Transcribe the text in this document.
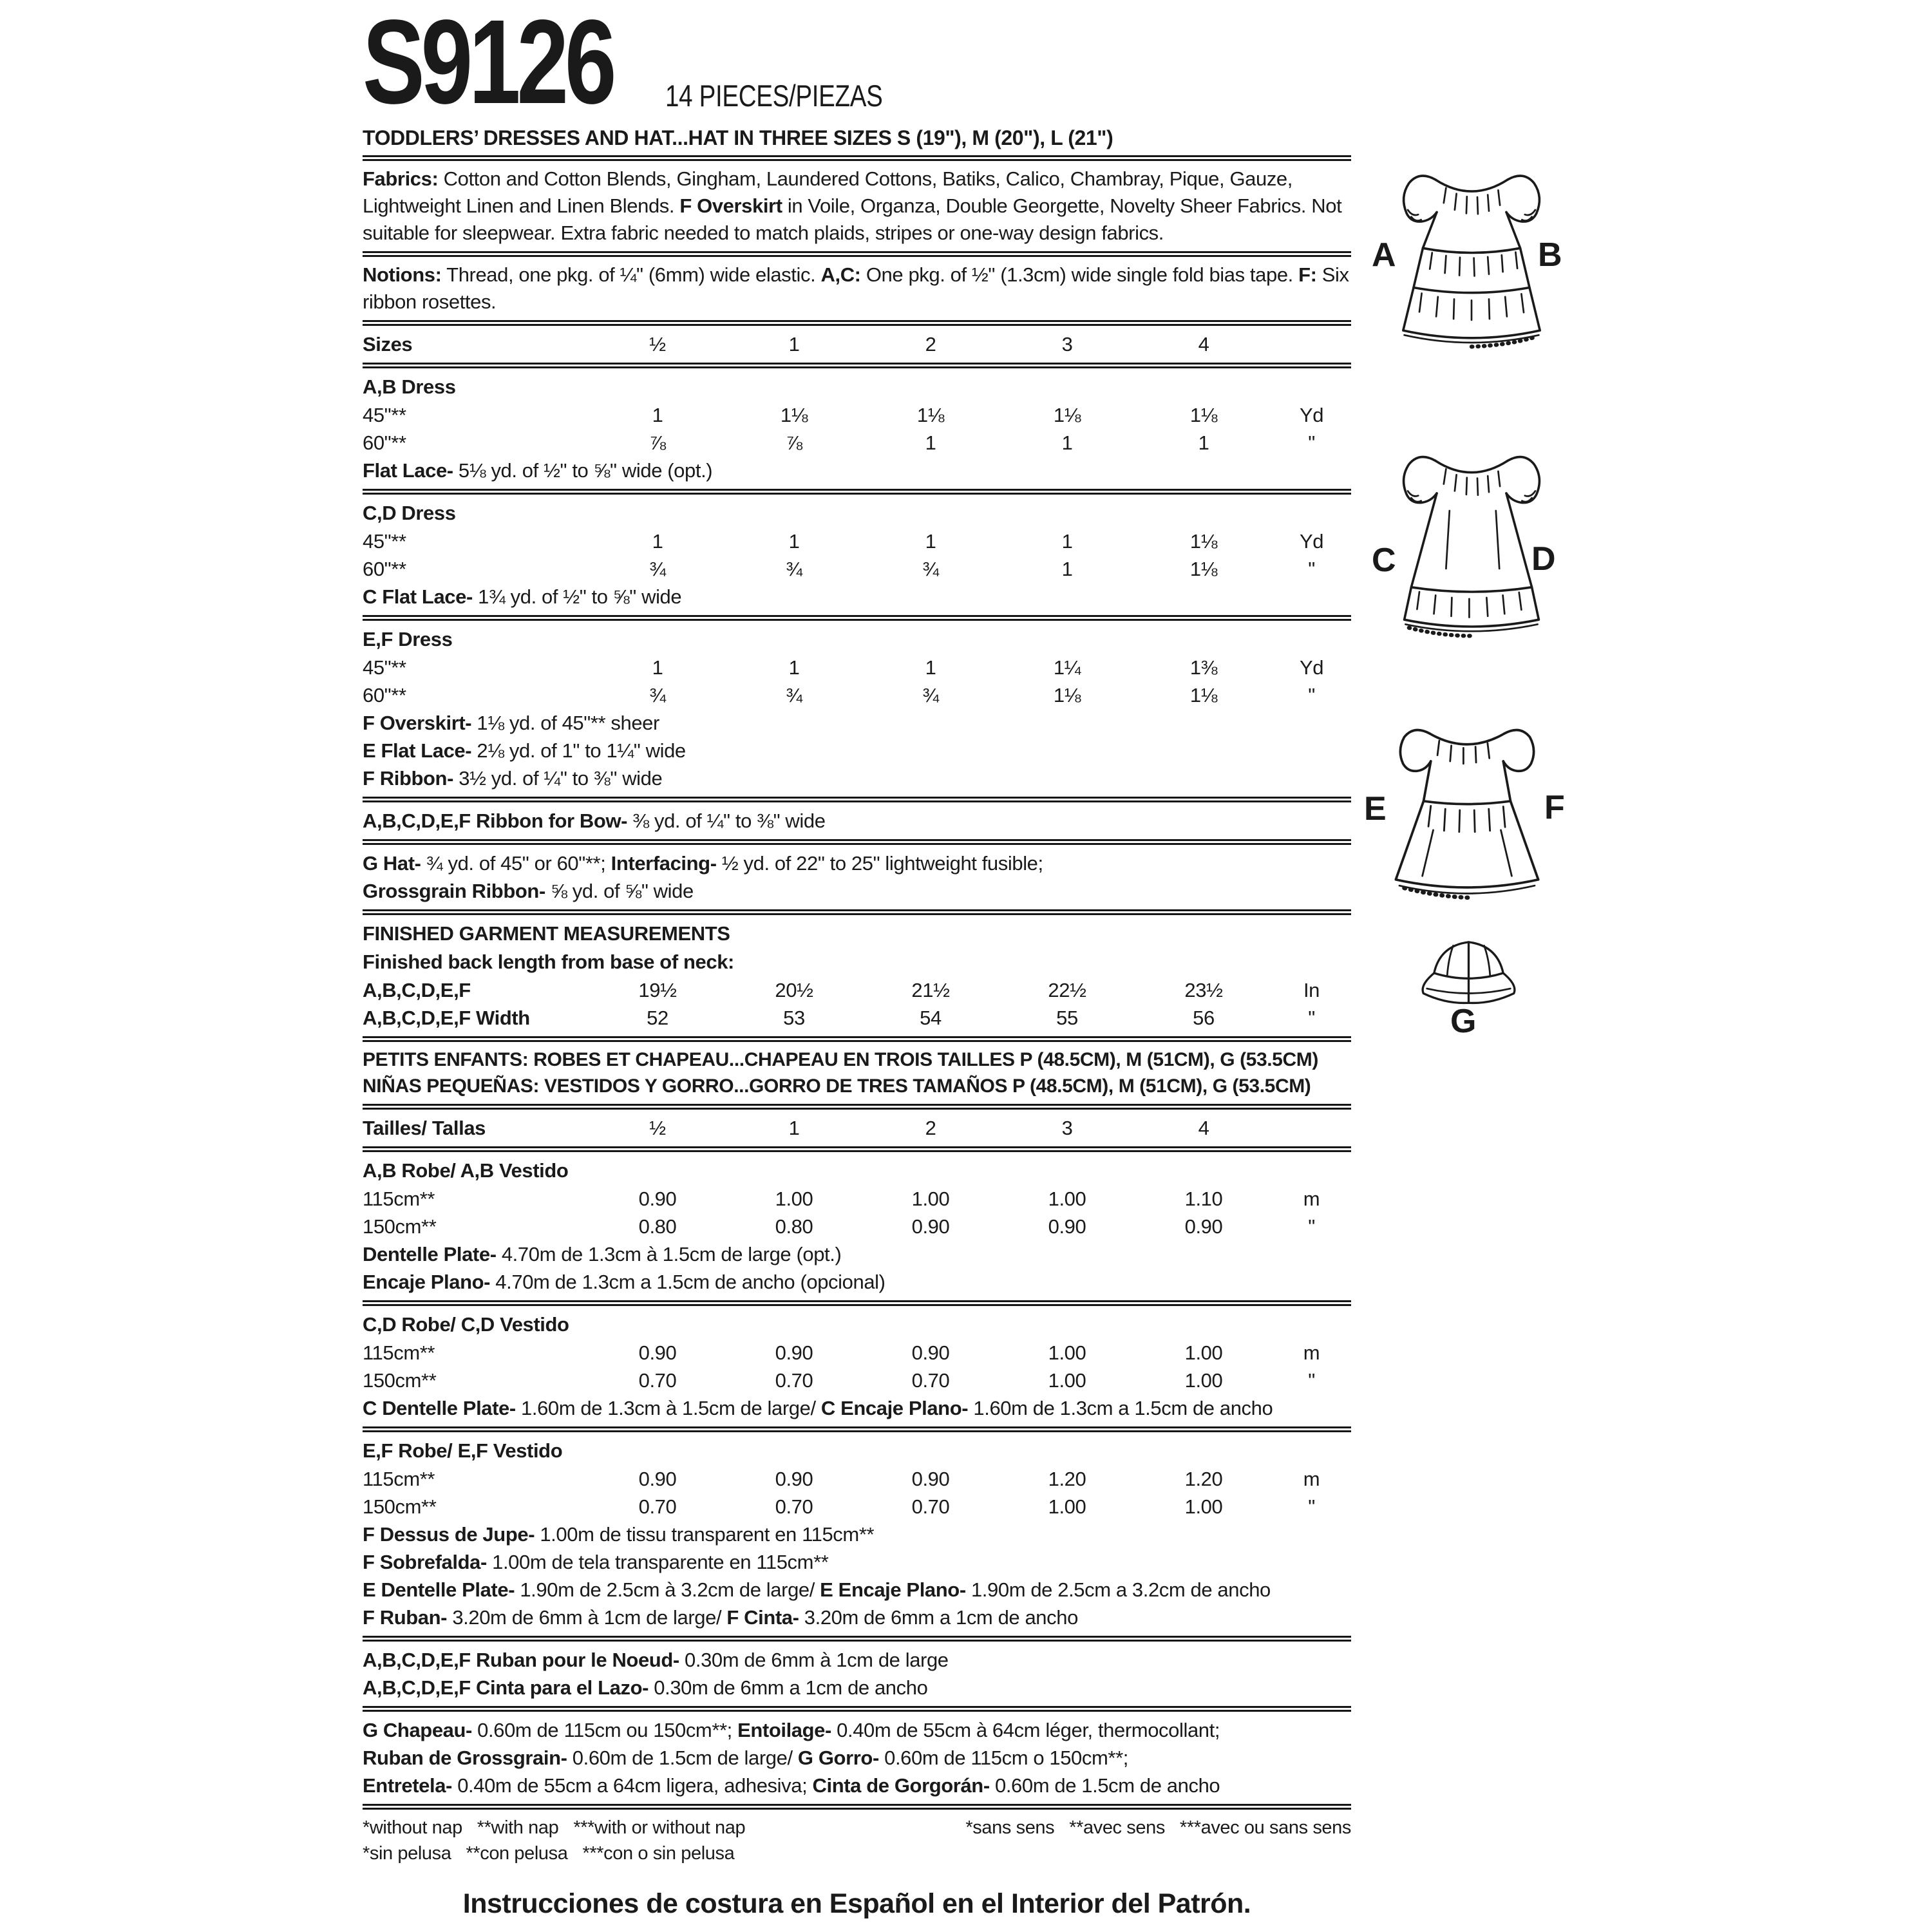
S9126	14 PIECES/PIEZAS
TODDLERS’ DRESSES AND HAT...HAT IN THREE SIZES S (19"), M (20"), L (21")

Fabrics: Cotton and Cotton Blends, Gingham, Laundered Cottons, Batiks, Calico, Chambray, Pique, Gauze, Lightweight Linen and Linen Blends. F Overskirt in Voile, Organza, Double Georgette, Novelty Sheer Fabrics. Not suitable for sleepwear. Extra fabric needed to match plaids, stripes or one-way design fabrics.

Notions: Thread, one pkg. of ¼" (6mm) wide elastic. A,C: One pkg. of ½" (1.3cm) wide single fold bias tape. F: Six ribbon rosettes.

Sizes	½	1	2	3	4
A,B Dress
45"**	1	1⅛	1⅛	1⅛	1⅛	Yd
60"**	⅞	⅞	1	1	1	"
Flat Lace- 5⅛ yd. of ½" to ⅝" wide (opt.)
C,D Dress
45"**	1	1	1	1	1⅛	Yd
60"**	¾	¾	¾	1	1⅛	"
C Flat Lace- 1¾ yd. of ½" to ⅝" wide
E,F Dress
45"**	1	1	1	1¼	1⅜	Yd
60"**	¾	¾	¾	1⅛	1⅛	"
F Overskirt- 1⅛ yd. of 45"** sheer
E Flat Lace- 2⅛ yd. of 1" to 1¼" wide
F Ribbon- 3½ yd. of ¼" to ⅜" wide
A,B,C,D,E,F Ribbon for Bow- ⅜ yd. of ¼" to ⅜" wide
G Hat- ¾ yd. of 45" or 60"**; Interfacing- ½ yd. of 22" to 25" lightweight fusible;
Grossgrain Ribbon- ⅝ yd. of ⅝" wide
FINISHED GARMENT MEASUREMENTS
Finished back length from base of neck:
A,B,C,D,E,F	19½	20½	21½	22½	23½	In
A,B,C,D,E,F Width	52	53	54	55	56	"
PETITS ENFANTS: ROBES ET CHAPEAU...CHAPEAU EN TROIS TAILLES P (48.5CM), M (51CM), G (53.5CM)
NIÑAS PEQUEÑAS: VESTIDOS Y GORRO...GORRO DE TRES TAMAÑOS P (48.5CM), M (51CM), G (53.5CM)
Tailles/ Tallas	½	1	2	3	4
A,B Robe/ A,B Vestido
115cm**	0.90	1.00	1.00	1.00	1.10	m
150cm**	0.80	0.80	0.90	0.90	0.90	"
Dentelle Plate- 4.70m de 1.3cm à 1.5cm de large (opt.)
Encaje Plano- 4.70m de 1.3cm a 1.5cm de ancho (opcional)
C,D Robe/ C,D Vestido
115cm**	0.90	0.90	0.90	1.00	1.00	m
150cm**	0.70	0.70	0.70	1.00	1.00	"
C Dentelle Plate- 1.60m de 1.3cm à 1.5cm de large/ C Encaje Plano- 1.60m de 1.3cm a 1.5cm de ancho
E,F Robe/ E,F Vestido
115cm**	0.90	0.90	0.90	1.20	1.20	m
150cm**	0.70	0.70	0.70	1.00	1.00	"
F Dessus de Jupe- 1.00m de tissu transparent en 115cm**
F Sobrefalda- 1.00m de tela transparente en 115cm**
E Dentelle Plate- 1.90m de 2.5cm à 3.2cm de large/ E Encaje Plano- 1.90m de 2.5cm a 3.2cm de ancho
F Ruban- 3.20m de 6mm à 1cm de large/ F Cinta- 3.20m de 6mm a 1cm de ancho
A,B,C,D,E,F Ruban pour le Noeud- 0.30m de 6mm à 1cm de large
A,B,C,D,E,F Cinta para el Lazo- 0.30m de 6mm a 1cm de ancho
G Chapeau- 0.60m de 115cm ou 150cm**; Entoilage- 0.40m de 55cm à 64cm léger, thermocollant;
Ruban de Grossgrain- 0.60m de 1.5cm de large/ G Gorro- 0.60m de 115cm o 150cm**;
Entretela- 0.40m de 55cm a 64cm ligera, adhesiva; Cinta de Gorgorán- 0.60m de 1.5cm de ancho
*without nap   **with nap   ***with or without nap
*sin pelusa   **con pelusa   ***con o sin pelusa
*sans sens   **avec sens   ***avec ou sans sens
Instrucciones de costura en Español en el Interior del Patrón.
A	B
C	D
E	F
G
